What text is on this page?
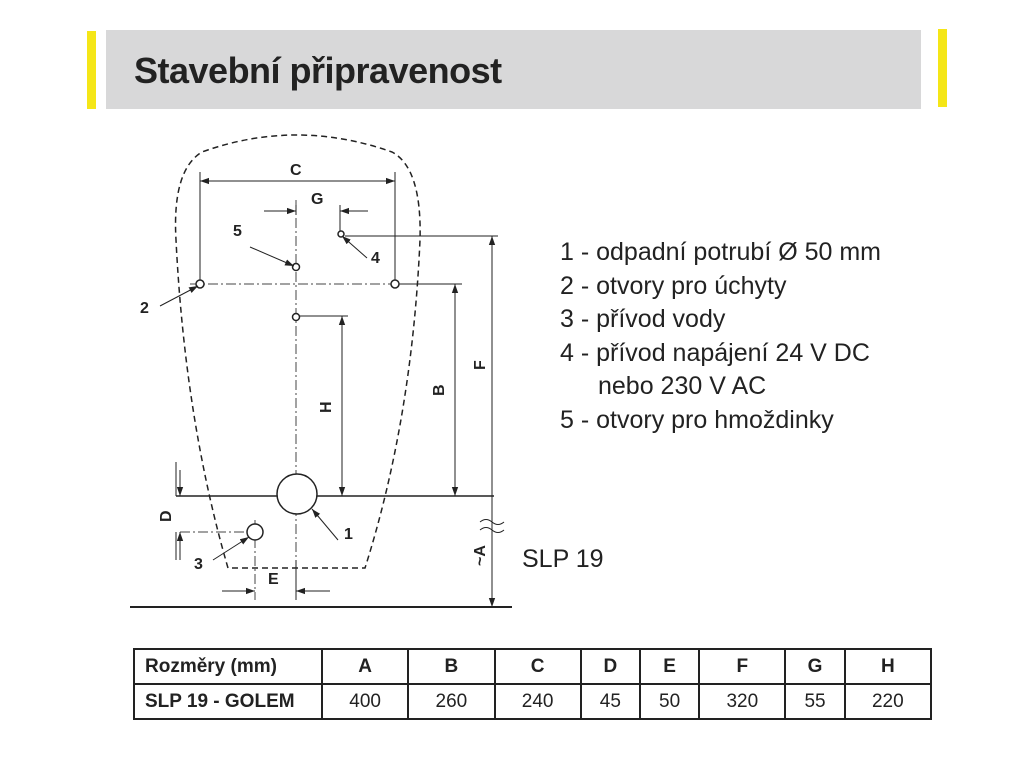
Stavební připravenost
C
G
F
B
H
D
E
~A
1
2
3
4
5
1 - odpadní potrubí Ø 50 mm
2 - otvory pro úchyty
3 - přívod vody
4 - přívod napájení 24 V DC
nebo 230 V AC
5 - otvory pro hmoždinky
SLP 19
Rozměry (mm)	A	B	C	D	E	F	G	H
SLP 19 - GOLEM	400	260	240	45	50	320	55	220
